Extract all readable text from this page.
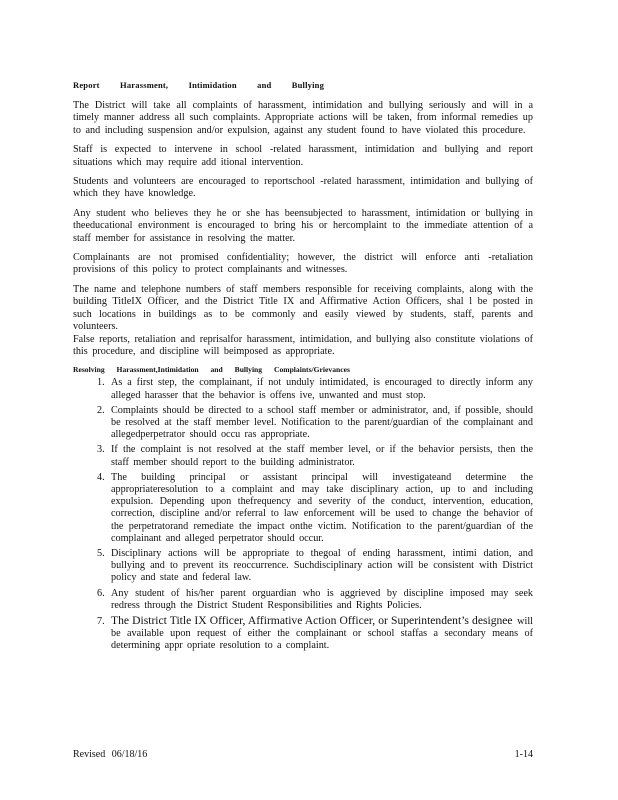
Report Harassment, Intimidation and Bullying

The District will take all complaints of harassment, intimidation and bullying seriously and will in a timely manner address all such complaints. Appropriate actions will be taken, from informal remedies up to and including suspension and/or expulsion, against any student found to have violated this procedure.

Staff is expected to intervene in school -related harassment, intimidation and bullying and report situations which may require add itional intervention.

Students and volunteers are encouraged to reportschool -related harassment, intimidation and bullying of which they have knowledge.

Any student who believes they he or she has beensubjected to harassment, intimidation or bullying in theeducational environment is encouraged to bring his or hercomplaint to the immediate attention of a staff member for assistance in resolving the matter.

Complainants are not promised confidentiality; however, the district will enforce anti -retaliation provisions of this policy to protect complainants and witnesses.

The name and telephone numbers of staff members responsible for receiving complaints, along with the building TitleIX Officer, and the District Title IX and Affirmative Action Officers, shal l be posted in such locations in buildings as to be commonly and easily viewed by students, staff, parents and volunteers.

False reports, retaliation and reprisalfor harassment, intimidation, and bullying also constitute violations of this procedure, and discipline will beimposed as appropriate.

Resolving Harassment,Intimidation and Bullying Complaints/Grievances
1. As a first step, the complainant, if not unduly intimidated, is encouraged to directly inform any alleged harasser that the behavior is offens ive, unwanted and must stop.
2. Complaints should be directed to a school staff member or administrator, and, if possible, should be resolved at the staff member level. Notification to the parent/guardian of the complainant and allegedperpetrator should occu ras appropriate.
3. If the complaint is not resolved at the staff member level, or if the behavior persists, then the staff member should report to the building administrator.
4. The building principal or assistant principal will investigateand determine the appropriateresolution to a complaint and may take disciplinary action, up to and including expulsion. Depending upon thefrequency and severity of the conduct, intervention, education, correction, discipline and/or referral to law enforcement will be used to change the behavior of the perpetratorand remediate the impact onthe victim. Notification to the parent/guardian of the complainant and alleged perpetrator should occur.
5. Disciplinary actions will be appropriate to thegoal of ending harassment, intimi dation, and bullying and to prevent its reoccurrence. Suchdisciplinary action will be consistent with District policy and state and federal law.
6. Any student of his/her parent orguardian who is aggrieved by discipline imposed may seek redress through the District Student Responsibilities and Rights Policies.
7. The District Title IX Officer, Affirmative Action Officer, or Superintendent’s designee will be available upon request of either the complainant or school staffas a secondary means of determining appr opriate resolution to a complaint.
Revised 06/18/16	1-14
